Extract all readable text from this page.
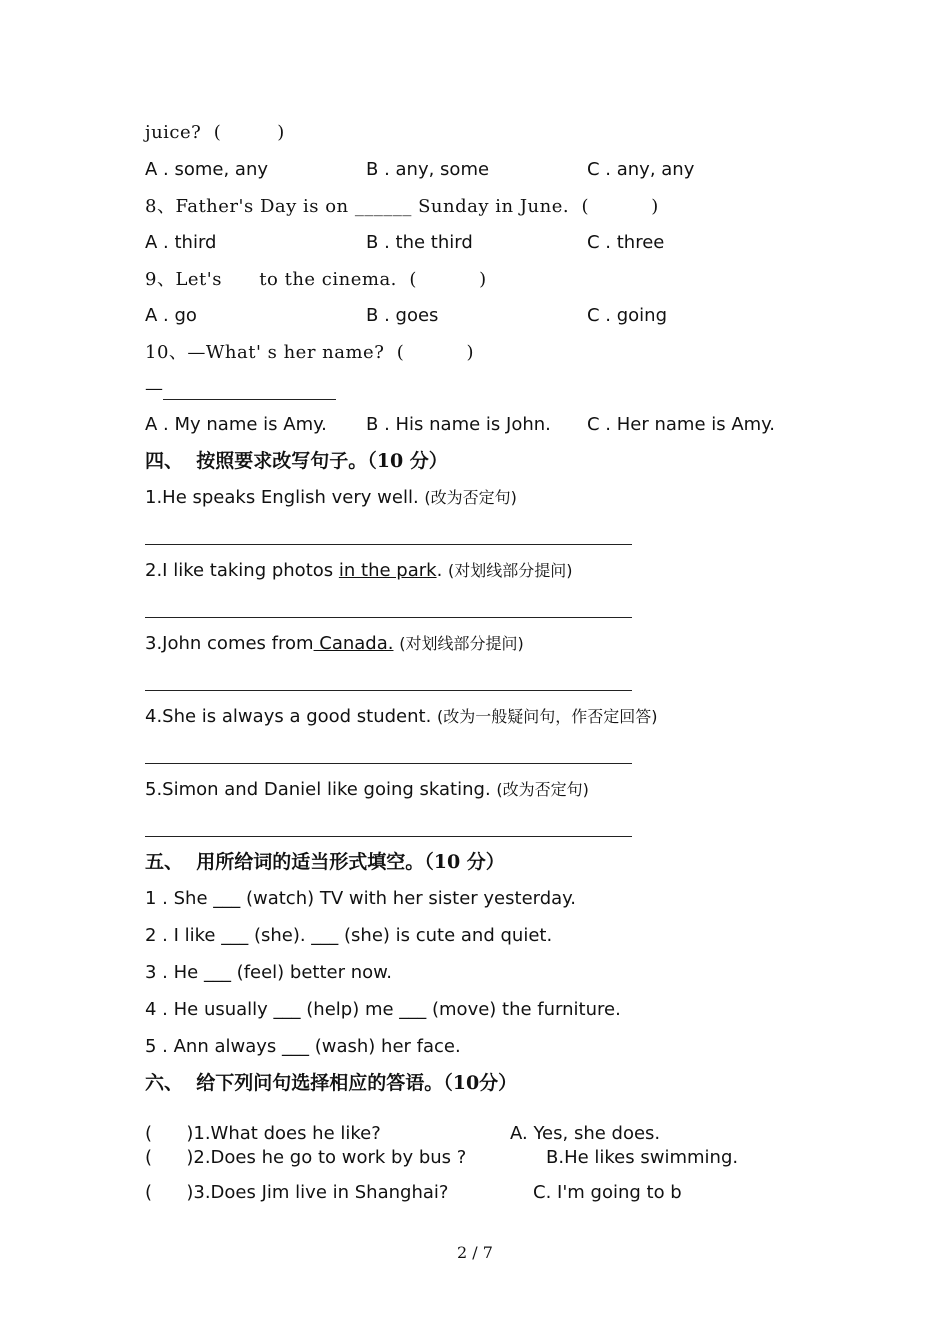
juice?  (         )
A . some, any	B . any, some	C . any, any
8、Father's Day is on ______ Sunday in June.  (          )
A . third	B . the third	C . three
9、Let's      to the cinema.  (          )
A . go	B . goes	C . going
10、—What' s her name?  (          )
—
A . My name is Amy. B . His name is John. C . Her name is Amy.
四、  按照要求改写句子。（10 分）
1.He speaks English very well. (改为否定句)
2.I like taking photos in the park. (对划线部分提问)
3.John comes from Canada. (对划线部分提问)
4.She is always a good student. (改为一般疑问句，作否定回答)
5.Simon and Daniel like going skating. (改为否定句)
五、  用所给词的适当形式填空。（10 分）
1 . She ___ (watch) TV with her sister yesterday.
2 . I like ___ (she). ___ (she) is cute and quiet.
3 . He ___ (feel) better now.
4 . He usually ___ (help) me ___ (move) the furniture.
5 . Ann always ___ (wash) her face.
六、  给下列问句选择相应的答语。（10分）
(      )1.What does he like?	A. Yes, she does.
(      )2.Does he go to work by bus ?	B.He likes swimming.
(      )3.Does Jim live in Shanghai?	C. I'm going to b
2 / 7
